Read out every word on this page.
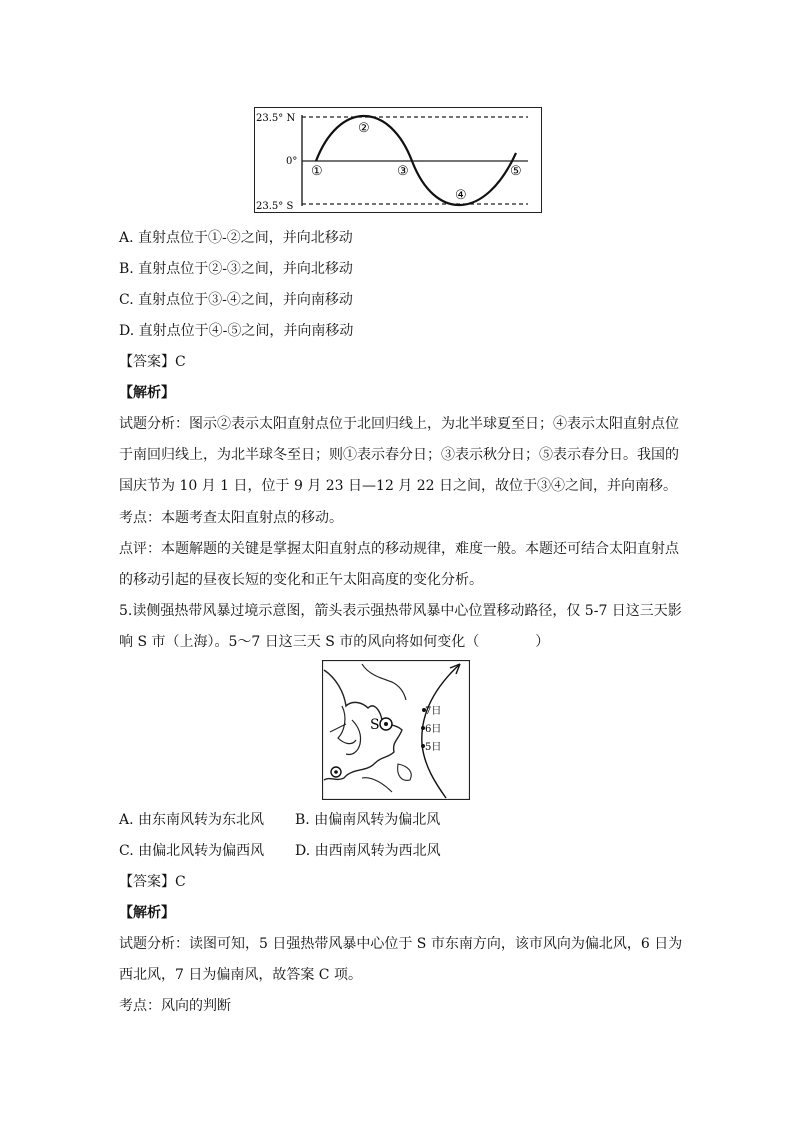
23.5° N
0°
23.5° S
①
②
③
④
⑤
A. 直射点位于①-②之间，并向北移动
B. 直射点位于②-③之间，并向北移动
C. 直射点位于③-④之间，并向南移动
D. 直射点位于④-⑤之间，并向南移动
【答案】C
【解析】
试题分析：图示②表示太阳直射点位于北回归线上，为北半球夏至日；④表示太阳直射点位
于南回归线上，为北半球冬至日；则①表示春分日；③表示秋分日；⑤表示春分日。我国的
国庆节为 10 月 1 日，位于 9 月 23 日—12 月 22 日之间，故位于③④之间，并向南移。
考点：本题考查太阳直射点的移动。
点评：本题解题的关键是掌握太阳直射点的移动规律，难度一般。本题还可结合太阳直射点
的移动引起的昼夜长短的变化和正午太阳高度的变化分析。
5.读侧强热带风暴过境示意图，箭头表示强热带风暴中心位置移动路径，仅 5-7 日这三天影
响 S 市（上海）。5～7 日这三天 S 市的风向将如何变化（　　　　）
S
7日
6日
5日
A. 由东南风转为东北风 B. 由偏南风转为偏北风
C. 由偏北风转为偏西风 D. 由西南风转为西北风
【答案】C
【解析】
试题分析：读图可知，5 日强热带风暴中心位于 S 市东南方向，该市风向为偏北风，6 日为
西北风，7 日为偏南风，故答案 C 项。
考点：风向的判断
